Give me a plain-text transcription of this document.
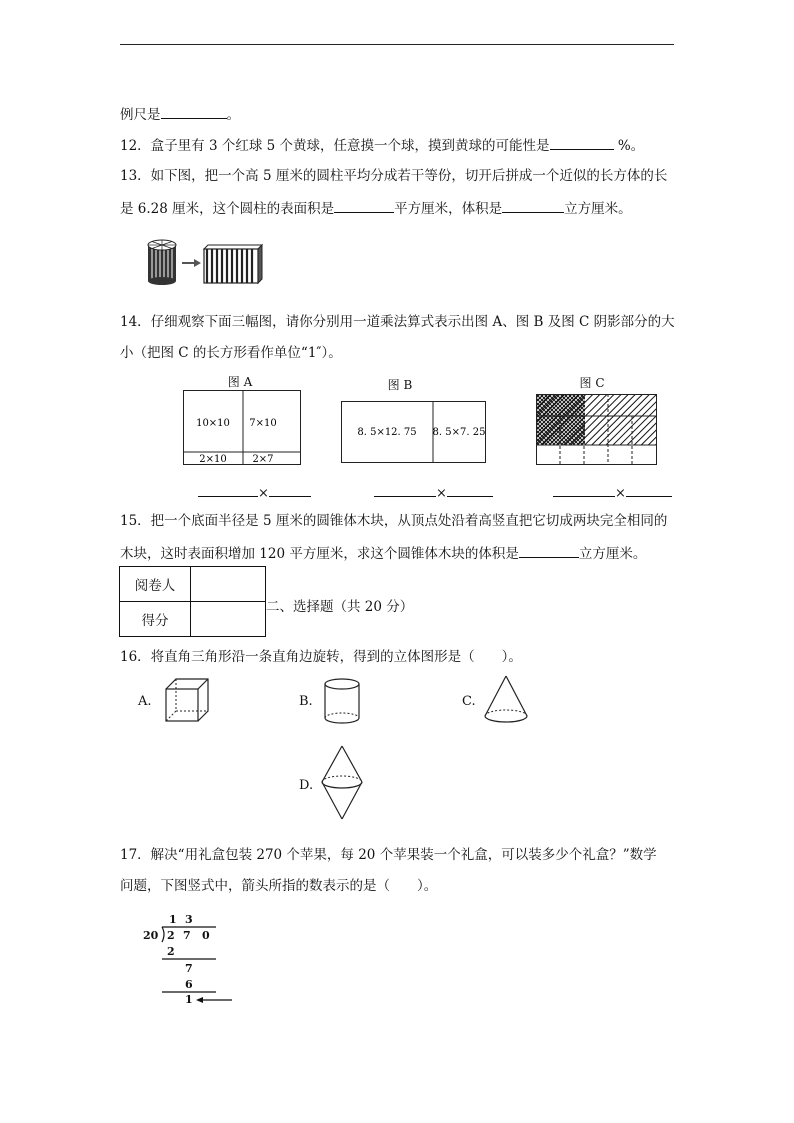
例尺是	。
12．盒子里有 3 个红球 5 个黄球，任意摸一个球，摸到黄球的可能性是	%。
13．如下图，把一个高 5 厘米的圆柱平均分成若干等份，切开后拼成一个近似的长方体的长
是 6.28 厘米，这个圆柱的表面积是	平方厘米，体积是	立方厘米。
14．仔细观察下面三幅图，请你分别用一道乘法算式表示出图 A、图 B 及图 C 阴影部分的大
小（把图 C 的长方形看作单位“1″）。
图 A
10×10 7×10
2×10	2×7
×
图 B
8. 5×12. 75 8. 5×7. 25
×
图 C
×
15．把一个底面半径是 5 厘米的圆锥体木块，从顶点处沿着高竖直把它切成两块完全相同的
木块，这时表面积增加 120 平方厘米，求这个圆锥体木块的体积是	立方厘米。
阅卷人	
得分	
二、选择题（共 20 分）
16．将直角三角形沿一条直角边旋转，得到的立体图形是（　　）。
A.	B.	C.
D.
17．解决“用礼盒包装 270 个苹果，每 20 个苹果装一个礼盒，可以装多少个礼盒？”数学
问题，下图竖式中，箭头所指的数表示的是（　　）。
1 3
20 2 7 0
2
7
6
1
